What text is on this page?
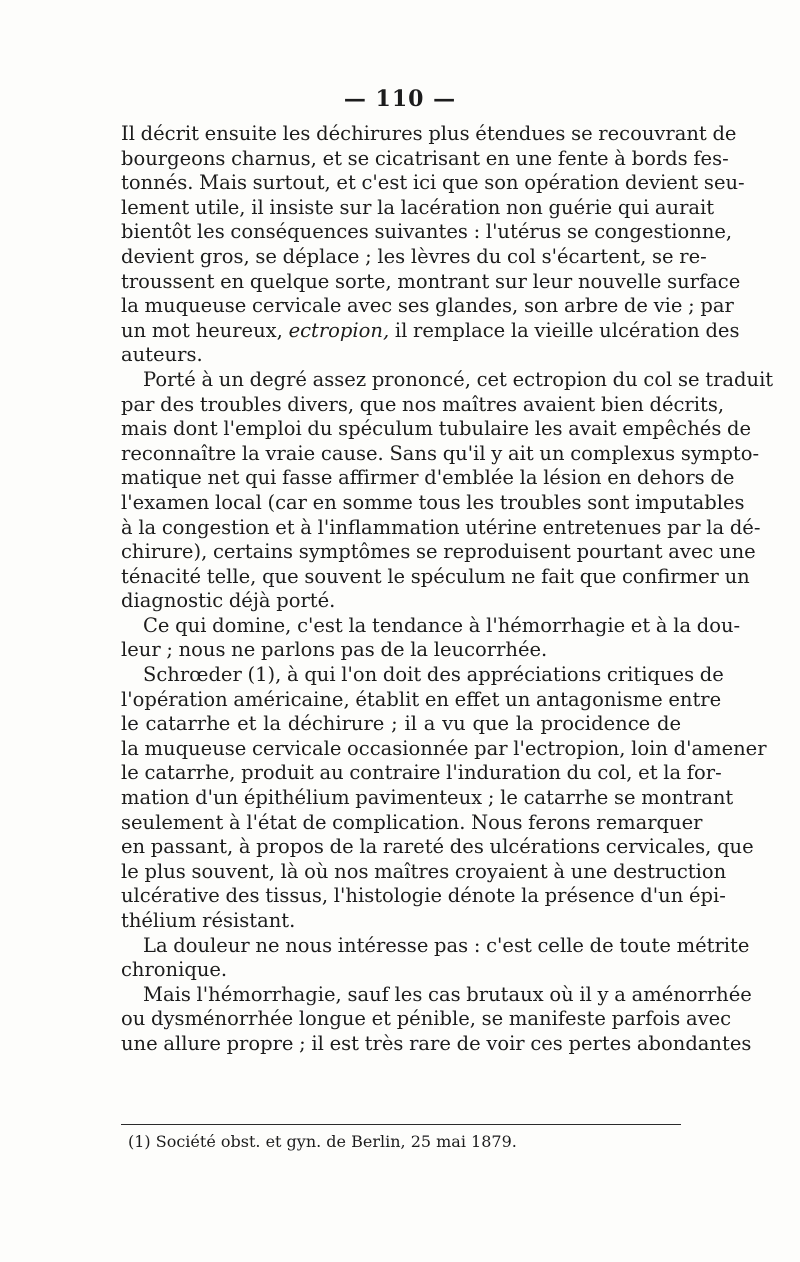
— 110 —
Il décrit ensuite les déchirures plus étendues se recouvrant de
bourgeons charnus, et se cicatrisant en une fente à bords fes-
tonnés. Mais surtout, et c'est ici que son opération devient seu-
lement utile, il insiste sur la lacération non guérie qui aurait
bientôt les conséquences suivantes : l'utérus se congestionne,
devient gros, se déplace ; les lèvres du col s'écartent, se re-
troussent en quelque sorte, montrant sur leur nouvelle surface
la muqueuse cervicale avec ses glandes, son arbre de vie ; par
un mot heureux, ectropion, il remplace la vieille ulcération des
auteurs.
Porté à un degré assez prononcé, cet ectropion du col se traduit
par des troubles divers, que nos maîtres avaient bien décrits,
mais dont l'emploi du spéculum tubulaire les avait empêchés de
reconnaître la vraie cause. Sans qu'il y ait un complexus sympto-
matique net qui fasse affirmer d'emblée la lésion en dehors de
l'examen local (car en somme tous les troubles sont imputables
à la congestion et à l'inflammation utérine entretenues par la dé-
chirure), certains symptômes se reproduisent pourtant avec une
ténacité telle, que souvent le spéculum ne fait que confirmer un
diagnostic déjà porté.
Ce qui domine, c'est la tendance à l'hémorrhagie et à la dou-
leur ; nous ne parlons pas de la leucorrhée.
Schrœder (1), à qui l'on doit des appréciations critiques de
l'opération américaine, établit en effet un antagonisme entre
le catarrhe et la déchirure ; il a vu que la procidence de
la muqueuse cervicale occasionnée par l'ectropion, loin d'amener
le catarrhe, produit au contraire l'induration du col, et la for-
mation d'un épithélium pavimenteux ; le catarrhe se montrant
seulement à l'état de complication. Nous ferons remarquer
en passant, à propos de la rareté des ulcérations cervicales, que
le plus souvent, là où nos maîtres croyaient à une destruction
ulcérative des tissus, l'histologie dénote la présence d'un épi-
thélium résistant.
La douleur ne nous intéresse pas : c'est celle de toute métrite
chronique.
Mais l'hémorrhagie, sauf les cas brutaux où il y a aménorrhée
ou dysménorrhée longue et pénible, se manifeste parfois avec
une allure propre ; il est très rare de voir ces pertes abondantes
(1) Société obst. et gyn. de Berlin, 25 mai 1879.
